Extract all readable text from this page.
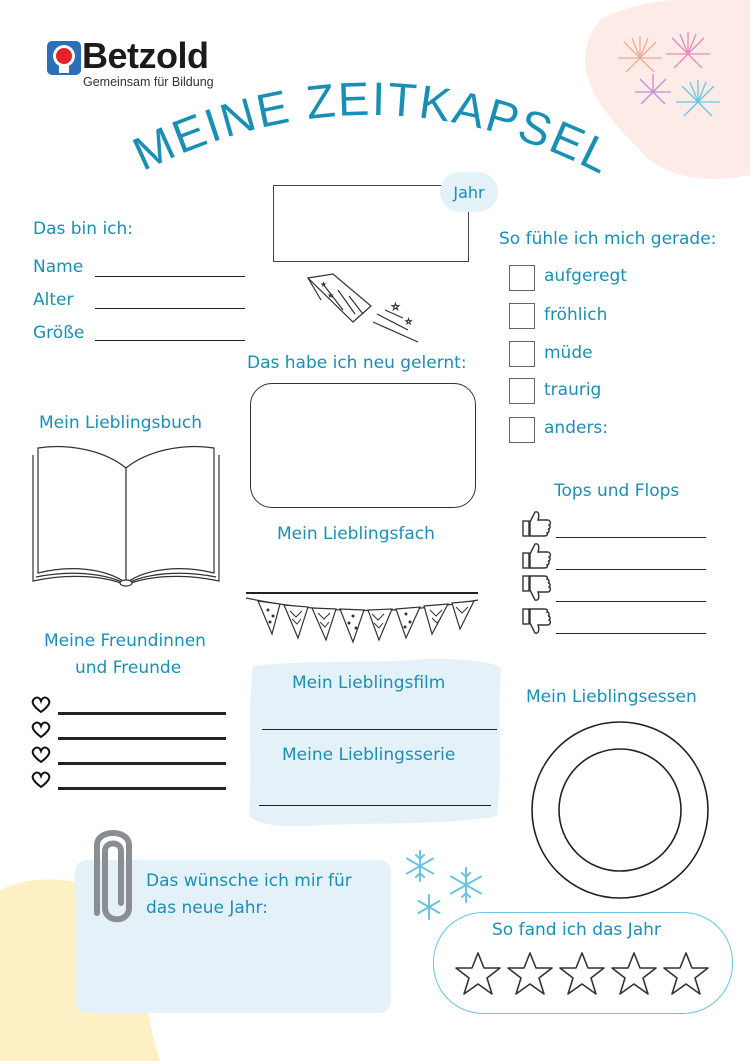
Betzold
Gemeinsam für Bildung
MEINE ZEITKAPSEL
Jahr
★
★
☆
☆
Das bin ich:
Name
Alter
Größe
So fühle ich mich gerade:
aufgeregt
fröhlich
müde
traurig
anders:
Das habe ich neu gelernt:
Mein Lieblingsbuch
Tops und Flops
Mein Lieblingsfach
Meine Freundinnen
und Freunde
Mein Lieblingsfilm
Meine Lieblingsserie
Mein Lieblingsessen
Das wünsche ich mir für
das neue Jahr:
So fand ich das Jahr
